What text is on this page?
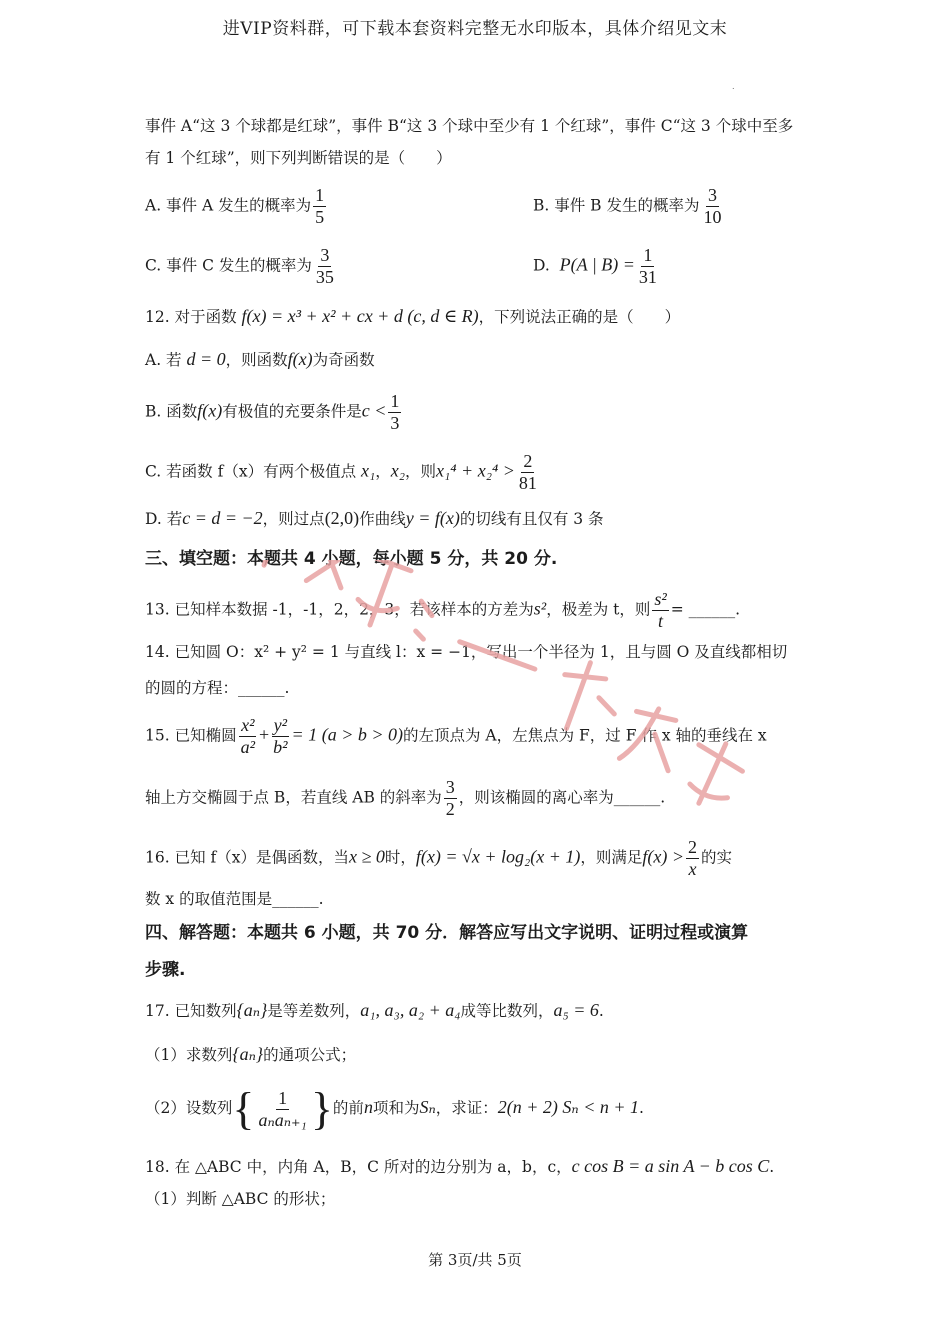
进VIP资料群，可下载本套资料完整无水印版本，具体介绍见文末
.
事件 A“这 3 个球都是红球”，事件 B“这 3 个球中至少有 1 个红球”，事件 C“这 3 个球中至多
有 1 个红球”，则下列判断错误的是（　　）
A. 事件 A 发生的概率为 $\frac{1}{5}$	B. 事件 B 发生的概率为 $\frac{3}{10}$
C. 事件 C 发生的概率为 $\frac{3}{35}$	D. P(A | $B) = \frac{1}{31}$
12. 对于函数 f(x) = x³ + x² + cx + d (c, d ∈ R)，下列说法正确的是（　　）
A. 若 d = 0，则函数f(x)为奇函数
B. 函数f(x)有极值的充要条件是$c < \frac{1}{3}$
C. 若函数 f（x）有两个极值点 x₁，x₂，则$x_1^4 + x_2^4 > \frac{2}{81}$
D. 若c = d = −2，则过点(2,0)作曲线y = f(x)的切线有且仅有 3 条
三、填空题：本题共 4 小题，每小题 5 分，共 20 分.
13. 已知样本数据 -1，-1，2，2，3，若该样本的方差为s²，极差为 t，则 $\frac{\text{s²}}{t}$ = ______.
14. 已知圆 O：x² + y² = 1 与直线 l：x = −1，写出一个半径为 1，且与圆 O 及直线都相切
的圆的方程：______.
15. 已知椭圆 $\frac{\text{x²}}{\text{a²}} + \frac{\text{y²}}{\text{b²}} = 1$ (a > b > 0)的左顶点为 A，左焦点为 F，过 F 作 x 轴的垂线在 x
轴上方交椭圆于点 B，若直线 AB 的斜率为 $\frac{3}{2}$ ，则该椭圆的离心率为______.
16. 已知 f（x）是偶函数，当x ≥ 0时，f(x) = √x + log₂(x + 1)，则满足$f(x) > \frac{2}{x}$ 的实
数 x 的取值范围是______.
四、解答题：本题共 6 小题，共 70 分．解答应写出文字说明、证明过程或演算
步骤.
17. 已知数列{aₙ}是等差数列，a₁, a₃, a₂ + a₄成等比数列，a₅ = 6.
（1）求数列{aₙ}的通项公式；
（2）设数列{ $\frac{1}{\text{aₙaₙ₊₁}}$ }的前n项和为Sₙ，求证：2(n + 2) Sₙ < n + 1.
18. 在 △ABC 中，内角 A，B，C 所对的边分别为 a，b，c，c cos B = a sin A − b cos C.
（1）判断 △ABC 的形状；
第 3页/共 5页
